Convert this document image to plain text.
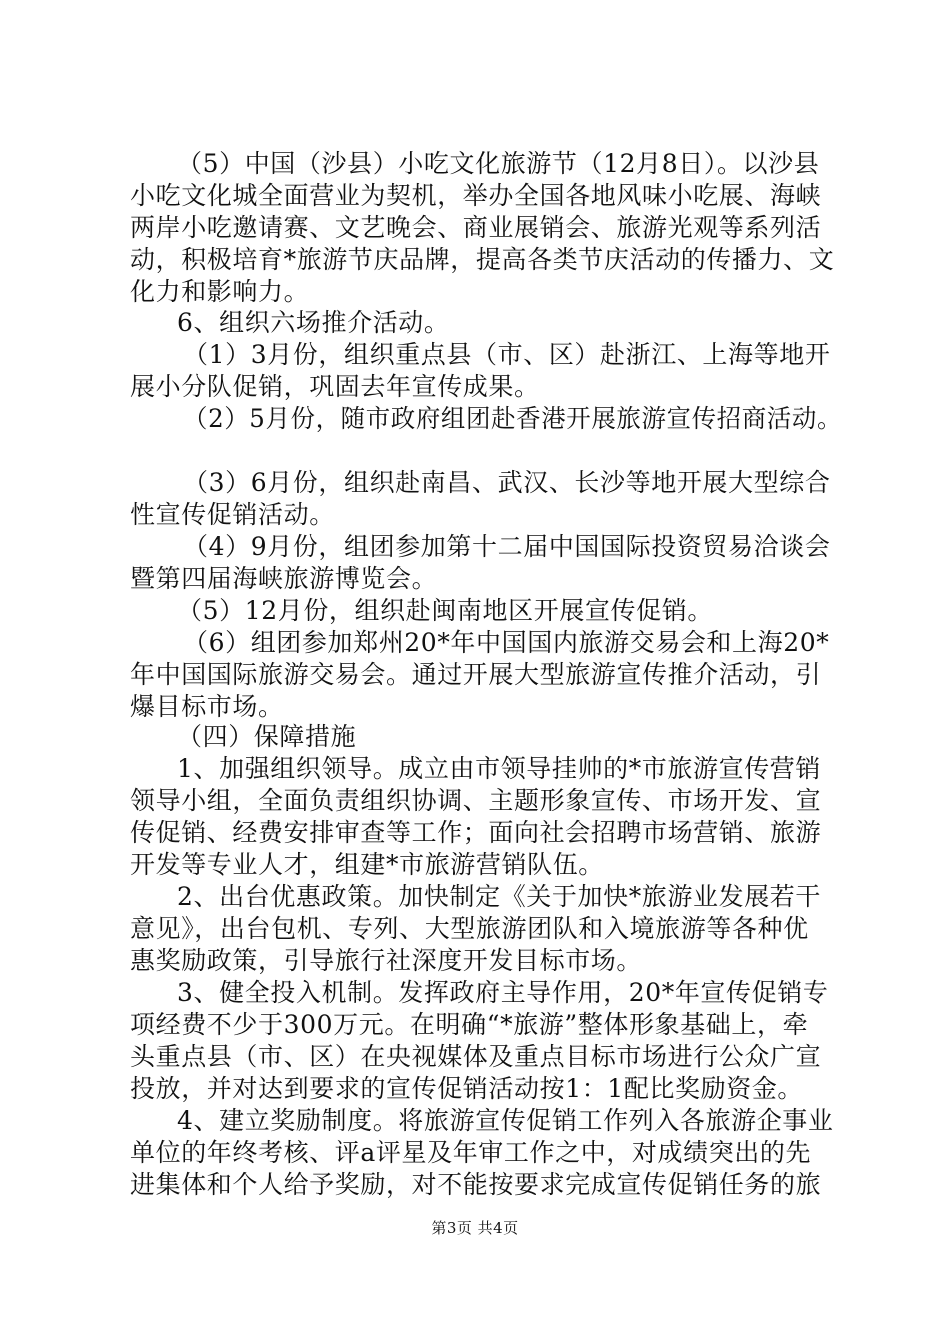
（5）中国（沙县）小吃文化旅游节（12月8日）。以沙县
小吃文化城全面营业为契机，举办全国各地风味小吃展、海峡
两岸小吃邀请赛、文艺晚会、商业展销会、旅游光观等系列活
动，积极培育*旅游节庆品牌，提高各类节庆活动的传播力、文
化力和影响力。
6、组织六场推介活动。
（1）3月份，组织重点县（市、区）赴浙江、上海等地开
展小分队促销，巩固去年宣传成果。
（2）5月份，随市政府组团赴香港开展旅游宣传招商活动。
（3）6月份，组织赴南昌、武汉、长沙等地开展大型综合
性宣传促销活动。
（4）9月份，组团参加第十二届中国国际投资贸易洽谈会
暨第四届海峡旅游博览会。
（5）12月份，组织赴闽南地区开展宣传促销。
（6）组团参加郑州20*年中国国内旅游交易会和上海20*
年中国国际旅游交易会。通过开展大型旅游宣传推介活动，引
爆目标市场。
（四）保障措施
1、加强组织领导。成立由市领导挂帅的*市旅游宣传营销
领导小组，全面负责组织协调、主题形象宣传、市场开发、宣
传促销、经费安排审查等工作；面向社会招聘市场营销、旅游
开发等专业人才，组建*市旅游营销队伍。
2、出台优惠政策。加快制定《关于加快*旅游业发展若干
意见》，出台包机、专列、大型旅游团队和入境旅游等各种优
惠奖励政策，引导旅行社深度开发目标市场。
3、健全投入机制。发挥政府主导作用，20*年宣传促销专
项经费不少于300万元。在明确“*旅游”整体形象基础上，牵
头重点县（市、区）在央视媒体及重点目标市场进行公众广宣
投放，并对达到要求的宣传促销活动按1：1配比奖励资金。
4、建立奖励制度。将旅游宣传促销工作列入各旅游企事业
单位的年终考核、评a评星及年审工作之中，对成绩突出的先
进集体和个人给予奖励，对不能按要求完成宣传促销任务的旅
第3页 共4页
